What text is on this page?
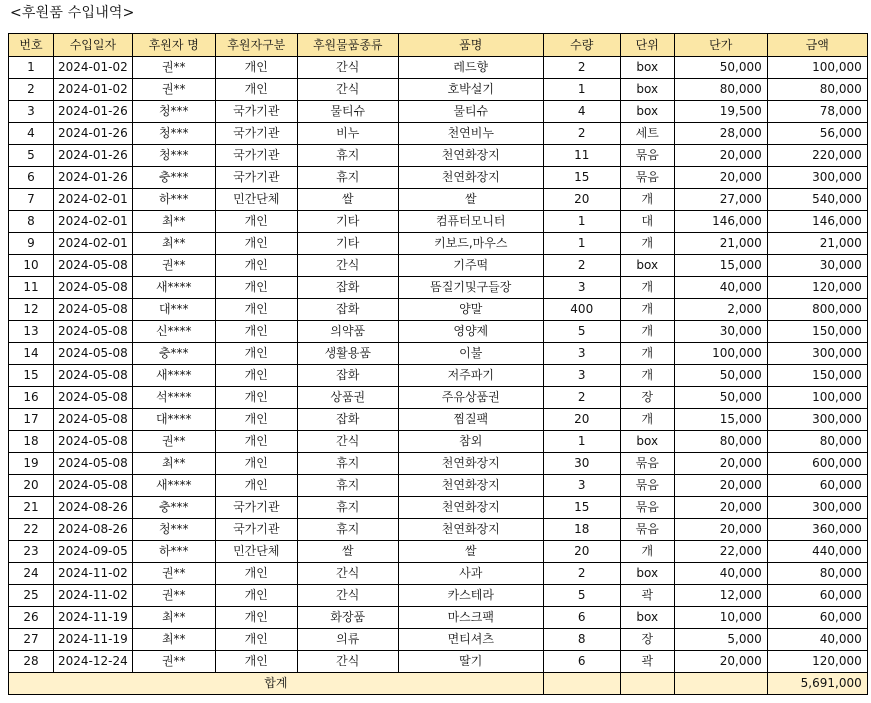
<후원품 수입내역>
번호	수입일자	후원자 명	후원자구분	후원물품종류	품명	수량	단위	단가	금액
1	2024-01-02	권**	개인	간식	레드향	2	box	50,000	100,000
2	2024-01-02	권**	개인	간식	호박설기	1	box	80,000	80,000
3	2024-01-26	청***	국가기관	물티슈	물티슈	4	box	19,500	78,000
4	2024-01-26	청***	국가기관	비누	천연비누	2	세트	28,000	56,000
5	2024-01-26	청***	국가기관	휴지	천연화장지	11	묶음	20,000	220,000
6	2024-01-26	충***	국가기관	휴지	천연화장지	15	묶음	20,000	300,000
7	2024-02-01	하***	민간단체	쌀	쌀	20	개	27,000	540,000
8	2024-02-01	최**	개인	기타	컴퓨터모니터	1	대	146,000	146,000
9	2024-02-01	최**	개인	기타	키보드,마우스	1	개	21,000	21,000
10	2024-05-08	권**	개인	간식	기주떡	2	box	15,000	30,000
11	2024-05-08	새****	개인	잡화	뜸질기및구들장	3	개	40,000	120,000
12	2024-05-08	대***	개인	잡화	양말	400	개	2,000	800,000
13	2024-05-08	신****	개인	의약품	영양제	5	개	30,000	150,000
14	2024-05-08	충***	개인	생활용품	이불	3	개	100,000	300,000
15	2024-05-08	새****	개인	잡화	저주파기	3	개	50,000	150,000
16	2024-05-08	석****	개인	상품권	주유상품권	2	장	50,000	100,000
17	2024-05-08	대****	개인	잡화	찜질팩	20	개	15,000	300,000
18	2024-05-08	권**	개인	간식	참외	1	box	80,000	80,000
19	2024-05-08	최**	개인	휴지	천연화장지	30	묶음	20,000	600,000
20	2024-05-08	새****	개인	휴지	천연화장지	3	묶음	20,000	60,000
21	2024-08-26	충***	국가기관	휴지	천연화장지	15	묶음	20,000	300,000
22	2024-08-26	청***	국가기관	휴지	천연화장지	18	묶음	20,000	360,000
23	2024-09-05	하***	민간단체	쌀	쌀	20	개	22,000	440,000
24	2024-11-02	권**	개인	간식	사과	2	box	40,000	80,000
25	2024-11-02	권**	개인	간식	카스테라	5	곽	12,000	60,000
26	2024-11-19	최**	개인	화장품	마스크팩	6	box	10,000	60,000
27	2024-11-19	최**	개인	의류	면티셔츠	8	장	5,000	40,000
28	2024-12-24	권**	개인	간식	딸기	6	곽	20,000	120,000
합계									5,691,000
